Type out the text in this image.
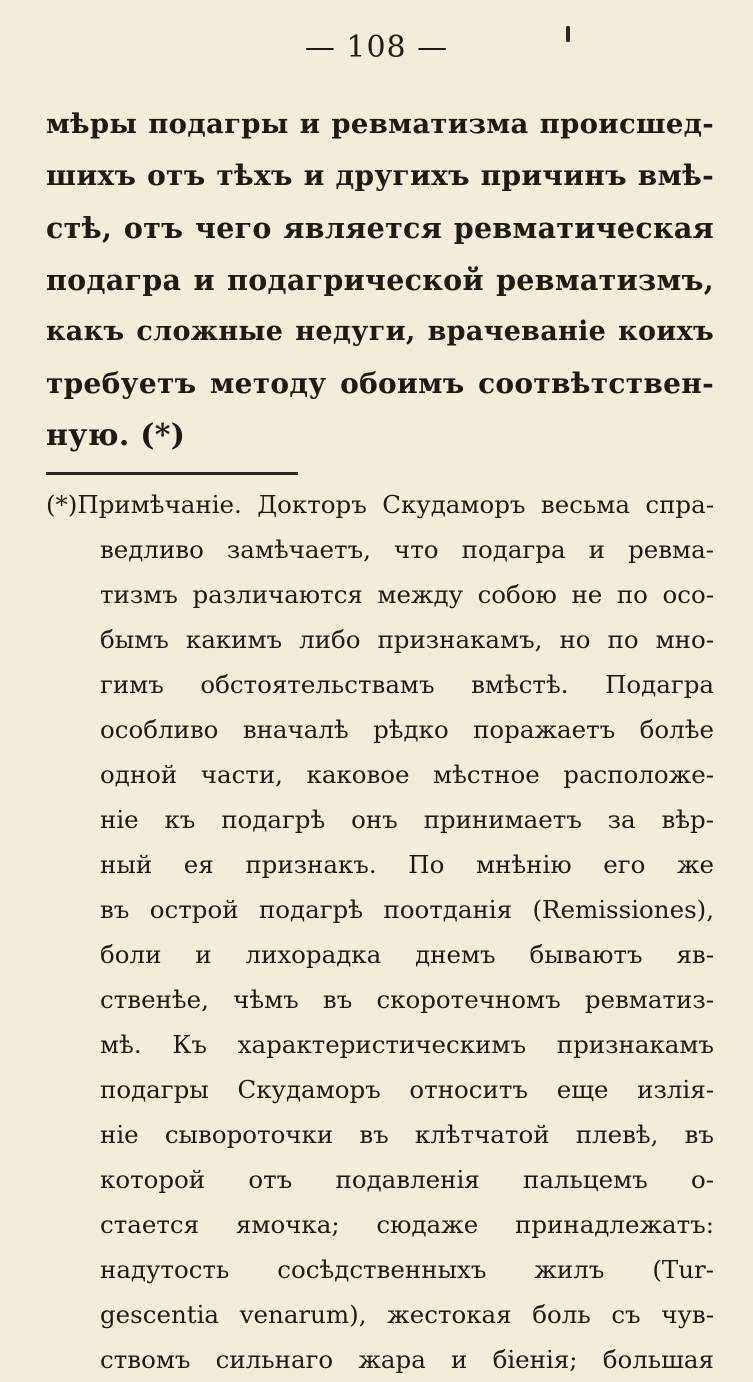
— 108 —
мѣры подагры и ревматизма происшед-
шихъ отъ тѣхъ и другихъ причинъ вмѣ-
стѣ, отъ чего является ревматическая
подагра и подагрической ревматизмъ,
какъ сложные недуги, врачеванie коихъ
требуетъ методу обоимъ соотвѣтствен-
ную. (*)
(*)Примѣчанie. Докторъ Скудаморъ весьма спра-
ведливо замѣчаетъ, что подагра и ревма-
тизмъ различаются между собою не по осо-
бымъ какимъ либо признакамъ, но по мно-
гимъ обстоятельствамъ вмѣстѣ. Подагра
особливо вначалѣ рѣдко поражаетъ болѣе
одной части, каковое мѣстное расположе-
нie къ подагрѣ онъ принимаетъ за вѣр-
ный ея признакъ. По мнѣнiю его же
въ острой подагрѣ поотданiя (Remissiones),
боли и лихорадка днемъ бываютъ яв-
ственѣе, чѣмъ въ скоротечномъ ревматиз-
мѣ. Къ характеристическимъ признакамъ
подагры Скудаморъ относитъ еще излiя-
нie сывороточки въ клѣтчатой плевѣ, въ
которой отъ подавленiя пальцемъ о-
стается ямочка; сюдаже принадлежатъ:
надутость сосѣдственныхъ жилъ (Tur-
gescentia venarum), жестокая боль съ чув-
ствомъ сильнаго жара и бiенiя; большая
